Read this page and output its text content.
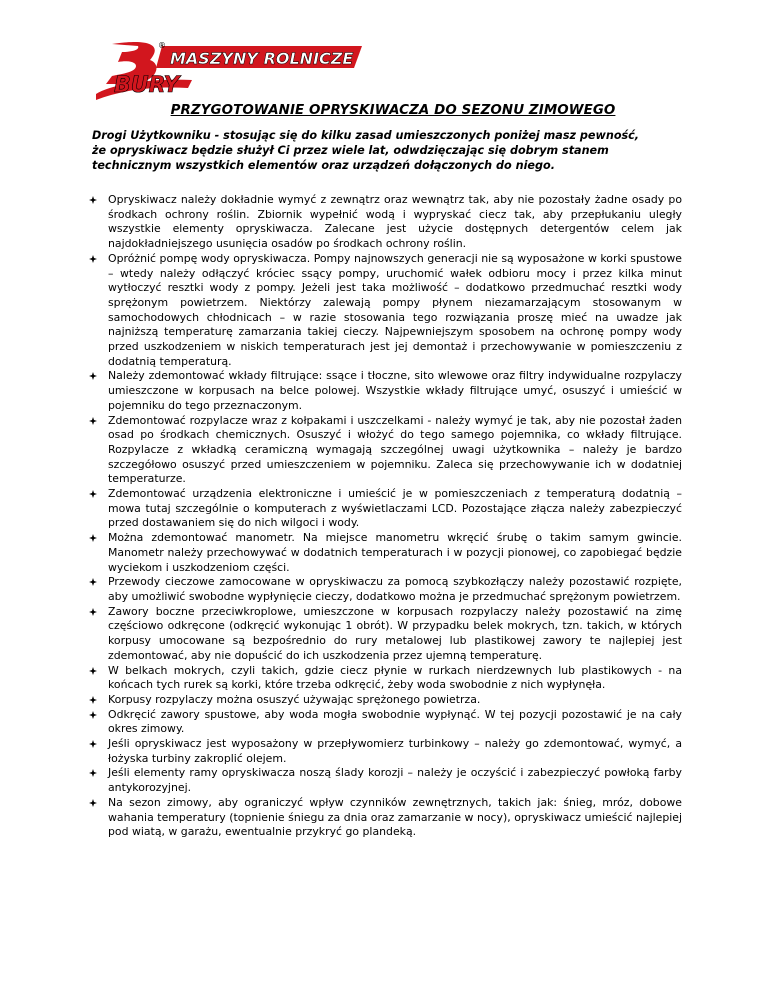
BURY
MASZYNY ROLNICZE
®
PRZYGOTOWANIE OPRYSKIWACZA DO SEZONU ZIMOWEGO

Drogi Użytkowniku - stosując się do kilku zasad umieszczonych poniżej masz pewność,

że opryskiwacz będzie służył Ci przez wiele lat, odwdzięczając się dobrym stanem

technicznym wszystkich elementów oraz urządzeń dołączonych do niego.

Opryskiwacz należy dokładnie wymyć z zewnątrz oraz wewnątrz tak, aby nie pozostały żadne osady po środkach ochrony roślin. Zbiornik wypełnić wodą i wypryskać ciecz tak, aby przepłukaniu uległy wszystkie elementy opryskiwacza. Zalecane jest użycie dostępnych detergentów celem jak najdokładniejszego usunięcia osadów po środkach ochrony roślin.
Opróżnić pompę wody opryskiwacza. Pompy najnowszych generacji nie są wyposażone w korki spustowe – wtedy należy odłączyć króciec ssący pompy, uruchomić wałek odbioru mocy i przez kilka minut wytłoczyć resztki wody z pompy. Jeżeli jest taka możliwość – dodatkowo przedmuchać resztki wody sprężonym powietrzem. Niektórzy zalewają pompy płynem niezamarzającym stosowanym w samochodowych chłodnicach – w razie stosowania tego rozwiązania proszę mieć na uwadze jak najniższą temperaturę zamarzania takiej cieczy. Najpewniejszym sposobem na ochronę pompy wody przed uszkodzeniem w niskich temperaturach jest jej demontaż i przechowywanie w pomieszczeniu z dodatnią temperaturą.
Należy zdemontować wkłady filtrujące: ssące i tłoczne, sito wlewowe oraz filtry indywidualne rozpylaczy umieszczone w korpusach na belce polowej. Wszystkie wkłady filtrujące umyć, osuszyć i umieścić w pojemniku do tego przeznaczonym.
Zdemontować rozpylacze wraz z kołpakami i uszczelkami - należy wymyć je tak, aby nie pozostał żaden osad po środkach chemicznych. Osuszyć i włożyć do tego samego pojemnika, co wkłady filtrujące. Rozpylacze z wkładką ceramiczną wymagają szczególnej uwagi użytkownika – należy je bardzo szczegółowo osuszyć przed umieszczeniem w pojemniku. Zaleca się przechowywanie ich w dodatniej temperaturze.
Zdemontować urządzenia elektroniczne i umieścić je w pomieszczeniach z temperaturą dodatnią – mowa tutaj szczególnie o komputerach z wyświetlaczami LCD. Pozostające złącza należy zabezpieczyć przed dostawaniem się do nich wilgoci i wody.
Można zdemontować manometr. Na miejsce manometru wkręcić śrubę o takim samym gwincie. Manometr należy przechowywać w dodatnich temperaturach i w pozycji pionowej, co zapobiegać będzie wyciekom i uszkodzeniom części.
Przewody cieczowe zamocowane w opryskiwaczu za pomocą szybkozłączy należy pozostawić rozpięte, aby umożliwić swobodne wypłynięcie cieczy, dodatkowo można je przedmuchać sprężonym powietrzem.
Zawory boczne przeciwkroplowe, umieszczone w korpusach rozpylaczy należy pozostawić na zimę częściowo odkręcone (odkręcić wykonując 1 obrót). W przypadku belek mokrych, tzn. takich, w których korpusy umocowane są bezpośrednio do rury metalowej lub plastikowej zawory te najlepiej jest zdemontować, aby nie dopuścić do ich uszkodzenia przez ujemną temperaturę.
W belkach mokrych, czyli takich, gdzie ciecz płynie w rurkach nierdzewnych lub plastikowych - na końcach tych rurek są korki, które trzeba odkręcić, żeby woda swobodnie z nich wypłynęła.
Korpusy rozpylaczy można osuszyć używając sprężonego powietrza.
Odkręcić zawory spustowe, aby woda mogła swobodnie wypłynąć. W tej pozycji pozostawić je na cały okres zimowy.
Jeśli opryskiwacz jest wyposażony w przepływomierz turbinkowy – należy go zdemontować, wymyć, a łożyska turbiny zakroplić olejem.
Jeśli elementy ramy opryskiwacza noszą ślady korozji – należy je oczyścić i zabezpieczyć powłoką farby antykorozyjnej.
Na sezon zimowy, aby ograniczyć wpływ czynników zewnętrznych, takich jak: śnieg, mróz, dobowe wahania temperatury (topnienie śniegu za dnia oraz zamarzanie w nocy), opryskiwacz umieścić najlepiej pod wiatą, w garażu, ewentualnie przykryć go plandeką.
